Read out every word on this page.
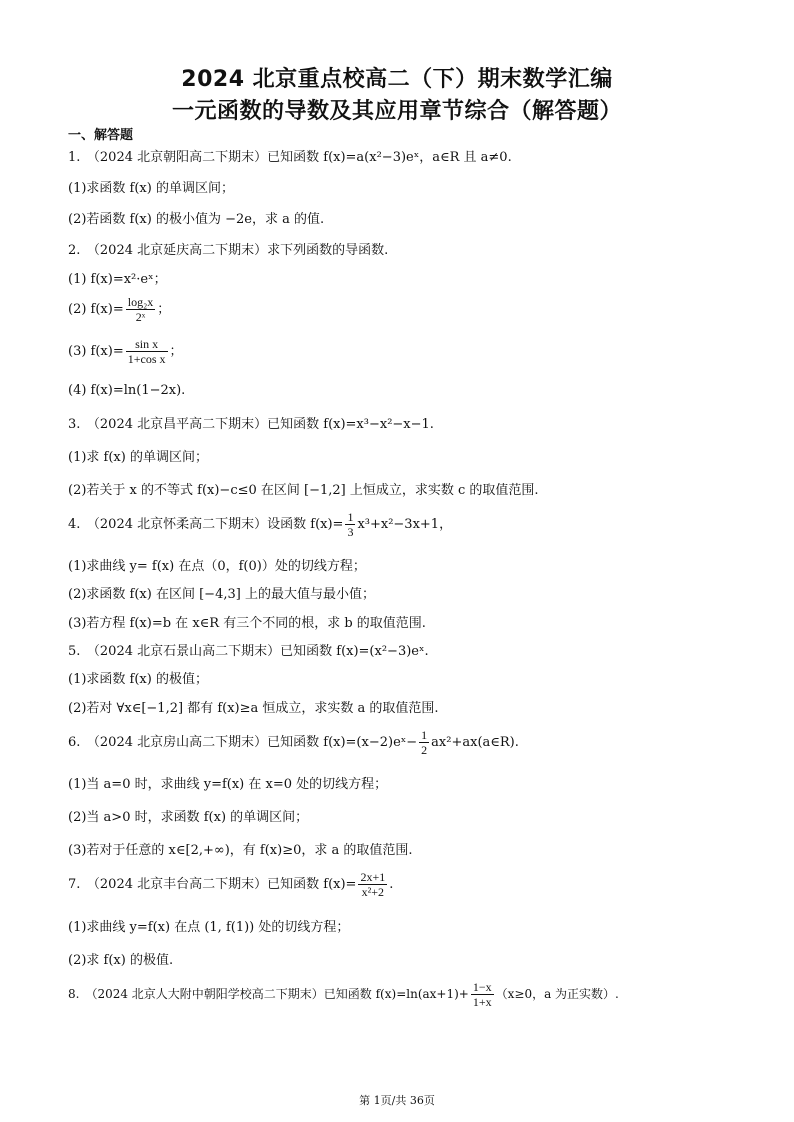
2024 北京重点校高二（下）期末数学汇编
一元函数的导数及其应用章节综合（解答题）
一、解答题
1.　（2024 北京朝阳高二下期末）已知函数 f(x)=a(x²−3)eˣ，a∈R 且 a≠0.
(1)求函数 f(x) 的单调区间；
(2)若函数 f(x) 的极小值为 −2e，求 a 的值.
2.　（2024 北京延庆高二下期末）求下列函数的导函数.
(1) f(x)=x²·eˣ；
(2) $f(x)= \frac{\text{log₂x}}{\text{2ˣ}}$ ；
(3) $f(x)= \frac{\text{sin x}}{\text{1+cos x}}$ ；
(4) f(x)=ln(1−2x).
3.　（2024 北京昌平高二下期末）已知函数 f(x)=x³−x²−x−1.
(1)求 f(x) 的单调区间；
(2)若关于 x 的不等式 f(x)−c≤0 在区间 [−1,2] 上恒成立，求实数 c 的取值范围.
4.　（2024 北京怀柔高二下期末）设函数 $f(x)= \frac{1}{3} x^3+x^2-3x+1$，
(1)求曲线 y= f(x) 在点（0，f(0)）处的切线方程；
(2)求函数 f(x) 在区间 [−4,3] 上的最大值与最小值；
(3)若方程 f(x)=b 在 x∈R 有三个不同的根，求 b 的取值范围.
5.　（2024 北京石景山高二下期末）已知函数 f(x)=(x²−3)eˣ.
(1)求函数 f(x) 的极值；
(2)若对 ∀x∈[−1,2] 都有 f(x)≥a 恒成立，求实数 a 的取值范围.
6.　（2024 北京房山高二下期末）已知函数 f(x)=(x−2)eˣ− $\frac{1}{2}$ ax²+ax(a∈R).
(1)当 a=0 时，求曲线 y=f(x) 在 x=0 处的切线方程；
(2)当 a>0 时，求函数 f(x) 的单调区间；
(3)若对于任意的 x∈[2,+∞)，有 f(x)≥0，求 a 的取值范围.
7.　（2024 北京丰台高二下期末）已知函数 $f(x)= \frac{2x+1}{\text{x²+2}}$ .
(1)求曲线 y=f(x) 在点 (1, f(1)) 处的切线方程；
(2)求 f(x) 的极值.
8.　（2024 北京人大附中朝阳学校高二下期末）已知函数 $f(x)=\ln(ax+1)+ \frac{1-x}{1+x} (x\ge 0$，a 为正实数）.
第 1页/共 36页
